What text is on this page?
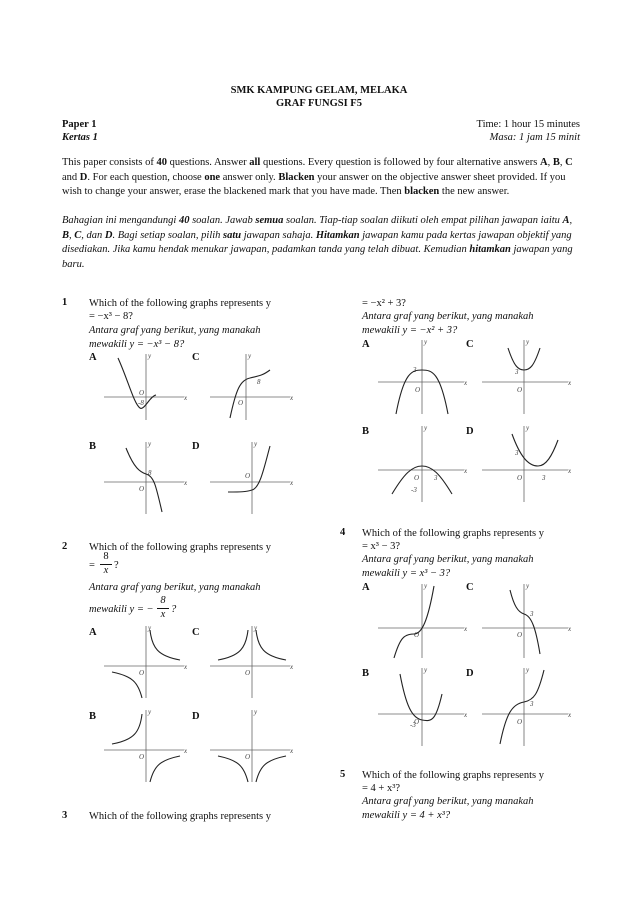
SMK KAMPUNG GELAM, MELAKA
GRAF FUNGSI F5
Paper 1
Kertas 1
Time: 1 hour 15 minutes
Masa: 1 jam 15 minit
This paper consists of 40 questions. Answer all questions. Every question is followed by four alternative answers A, B, C and D. For each question, choose one answer only. Blacken your answer on the objective answer sheet provided. If you wish to change your answer, erase the blackened mark that you have made. Then blacken the new answer.
Bahagian ini mengandungi 40 soalan. Jawab semua soalan. Tiap-tiap soalan diikuti oleh empat pilihan jawapan iaitu A, B, C, dan D. Bagi setiap soalan, pilih satu jawapan sahaja. Hitamkan jawapan kamu pada kertas jawapan objektif yang disediakan. Jika kamu hendak menukar jawapan, padamkan tanda yang telah dibuat. Kemudian hitamkan jawapan yang baru.
1 Which of the following graphs represents y
= −x³ − 8?
Antara graf yang berikut, yang manakah
mewakili y = −x³ − 8?
A
x
y
-8
O
C
x
y
O
8
B
x
y
O
8
D
x
y
O
2 Which of the following graphs represents y
=
8
x ?
Antara graf yang berikut, yang manakah
mewakili y = −
8
x ?
A
x
y
O
C
x
y
O
B
x
y
O
D
x
y
O
3 Which of the following graphs represents y
= −x² + 3?
Antara graf yang berikut, yang manakah
mewakili y = −x² + 3?
A
x
y
3
O
C
x
y
3
O
B
x
y
O 3
-3
D
x
y
3
O	3
4 Which of the following graphs represents y
= x³ − 3?
Antara graf yang berikut, yang manakah
mewakili y = x³ − 3?
A
x
y
O
C
x
y
3
O
B
x
y
O
-3
D
x
y
3
O
5 Which of the following graphs represents y
= 4 + x³?
Antara graf yang berikut, yang manakah
mewakili y = 4 + x³?
